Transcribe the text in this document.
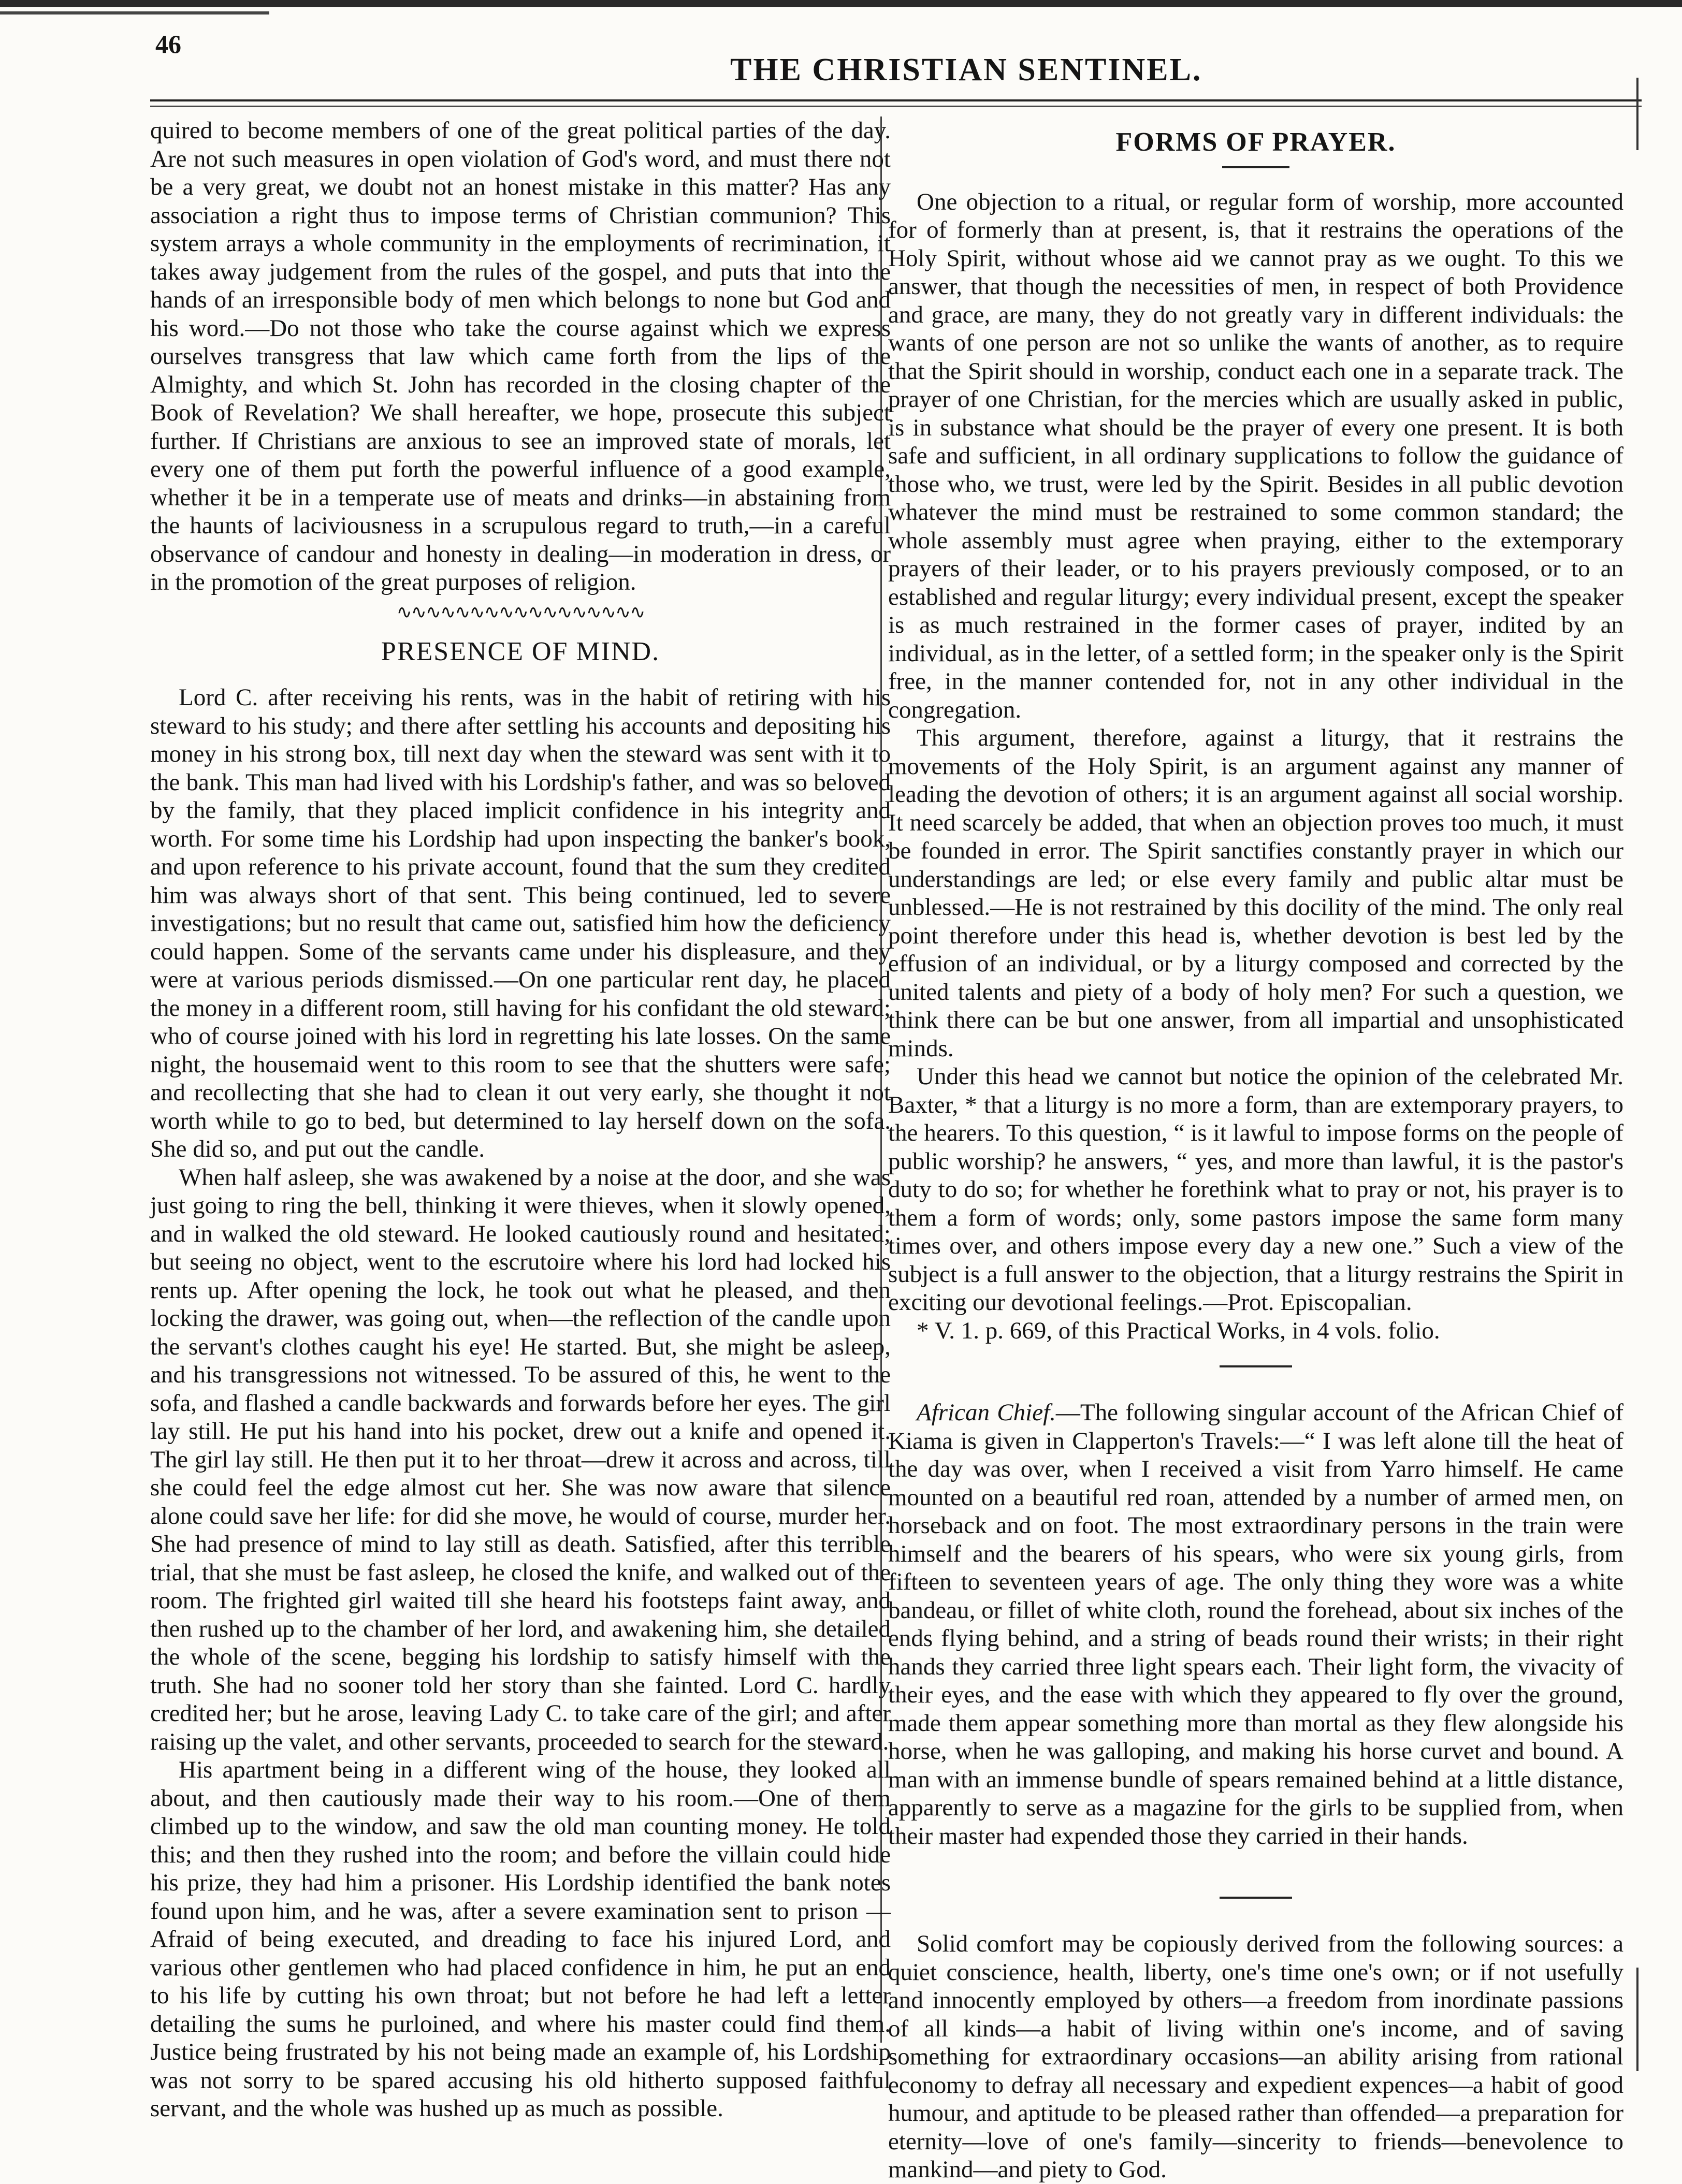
46
THE CHRISTIAN SENTINEL.

quired to become members of one of the great political parties of the day. Are not such measures in open violation of God's word, and must there not be a very great, we doubt not an honest mistake in this matter? Has any association a right thus to impose terms of Christian communion? This system arrays a whole community in the employments of recrimination, it takes away judgement from the rules of the gospel, and puts that into the hands of an irresponsible body of men which belongs to none but God and his word.—Do not those who take the course against which we express ourselves transgress that law which came forth from the lips of the Almighty, and which St. John has recorded in the closing chapter of the Book of Revelation? We shall hereafter, we hope, prosecute this subject further. If Christians are anxious to see an improved state of morals, let every one of them put forth the powerful influence of a good example, whether it be in a temperate use of meats and drinks—in abstaining from the haunts of laciviousness in a scrupulous regard to truth,—in a careful observance of candour and honesty in dealing—in moderation in dress, or in the promotion of the great purposes of religion.

∿∿∿∿∿∿∿∿∿∿∿∿∿∿∿∿∿
PRESENCE OF MIND.

Lord C. after receiving his rents, was in the habit of retiring with his steward to his study; and there after settling his accounts and depositing his money in his strong box, till next day when the steward was sent with it to the bank. This man had lived with his Lordship's father, and was so beloved by the family, that they placed implicit confidence in his integrity and worth. For some time his Lordship had upon inspecting the banker's book, and upon reference to his private account, found that the sum they credited him was always short of that sent. This being continued, led to severe investigations; but no result that came out, satisfied him how the deficiency could happen. Some of the servants came under his displeasure, and they were at various periods dismissed.—On one particular rent day, he placed the money in a different room, still having for his confidant the old steward; who of course joined with his lord in regretting his late losses. On the same night, the housemaid went to this room to see that the shutters were safe; and recollecting that she had to clean it out very early, she thought it not worth while to go to bed, but determined to lay herself down on the sofa. She did so, and put out the candle.

When half asleep, she was awakened by a noise at the door, and she was just going to ring the bell, thinking it were thieves, when it slowly opened, and in walked the old steward. He looked cautiously round and hesitated; but seeing no object, went to the escrutoire where his lord had locked his rents up. After opening the lock, he took out what he pleased, and then locking the drawer, was going out, when—the reflection of the candle upon the servant's clothes caught his eye! He started. But, she might be asleep, and his transgressions not witnessed. To be assured of this, he went to the sofa, and flashed a candle backwards and forwards before her eyes. The girl lay still. He put his hand into his pocket, drew out a knife and opened it. The girl lay still. He then put it to her throat—drew it across and across, till she could feel the edge almost cut her. She was now aware that silence alone could save her life: for did she move, he would of course, murder her. She had presence of mind to lay still as death. Satisfied, after this terrible trial, that she must be fast asleep, he closed the knife, and walked out of the room. The frighted girl waited till she heard his footsteps faint away, and then rushed up to the chamber of her lord, and awakening him, she detailed the whole of the scene, begging his lordship to satisfy himself with the truth. She had no sooner told her story than she fainted. Lord C. hardly credited her; but he arose, leaving Lady C. to take care of the girl; and after raising up the valet, and other servants, proceeded to search for the steward.

His apartment being in a different wing of the house, they looked all about, and then cautiously made their way to his room.—One of them climbed up to the window, and saw the old man counting money. He told this; and then they rushed into the room; and before the villain could hide his prize, they had him a prisoner. His Lordship identified the bank notes found upon him, and he was, after a severe examination sent to prison —Afraid of being executed, and dreading to face his injured Lord, and various other gentlemen who had placed confidence in him, he put an end to his life by cutting his own throat; but not before he had left a letter detailing the sums he purloined, and where his master could find them. Justice being frustrated by his not being made an example of, his Lordship was not sorry to be spared accusing his old hitherto supposed faithful servant, and the whole was hushed up as much as possible.

FORMS OF PRAYER.

One objection to a ritual, or regular form of worship, more accounted for of formerly than at present, is, that it restrains the operations of the Holy Spirit, without whose aid we cannot pray as we ought. To this we answer, that though the necessities of men, in respect of both Providence and grace, are many, they do not greatly vary in different individuals: the wants of one person are not so unlike the wants of another, as to require that the Spirit should in worship, conduct each one in a separate track. The prayer of one Christian, for the mercies which are usually asked in public, is in substance what should be the prayer of every one present. It is both safe and sufficient, in all ordinary supplications to follow the guidance of those who, we trust, were led by the Spirit. Besides in all public devotion whatever the mind must be restrained to some common standard; the whole assembly must agree when praying, either to the extemporary prayers of their leader, or to his prayers previously composed, or to an established and regular liturgy; every individual present, except the speaker is as much restrained in the former cases of prayer, indited by an individual, as in the letter, of a settled form; in the speaker only is the Spirit free, in the manner contended for, not in any other individual in the congregation.

This argument, therefore, against a liturgy, that it restrains the movements of the Holy Spirit, is an argument against any manner of leading the devotion of others; it is an argument against all social worship. It need scarcely be added, that when an objection proves too much, it must be founded in error. The Spirit sanctifies constantly prayer in which our understandings are led; or else every family and public altar must be unblessed.—He is not restrained by this docility of the mind. The only real point therefore under this head is, whether devotion is best led by the effusion of an individual, or by a liturgy composed and corrected by the united talents and piety of a body of holy men? For such a question, we think there can be but one answer, from all impartial and unsophisticated minds.

Under this head we cannot but notice the opinion of the celebrated Mr. Baxter, * that a liturgy is no more a form, than are extemporary prayers, to the hearers. To this question, “ is it lawful to impose forms on the people of public worship? he answers, “ yes, and more than lawful, it is the pastor's duty to do so; for whether he forethink what to pray or not, his prayer is to them a form of words; only, some pastors impose the same form many times over, and others impose every day a new one.” Such a view of the subject is a full answer to the objection, that a liturgy restrains the Spirit in exciting our devotional feelings.—Prot. Episcopalian.

* V. 1. p. 669, of this Practical Works, in 4 vols. folio.

African Chief.—The following singular account of the African Chief of Kiama is given in Clapperton's Travels:—“ I was left alone till the heat of the day was over, when I received a visit from Yarro himself. He came mounted on a beautiful red roan, attended by a number of armed men, on horseback and on foot. The most extraordinary persons in the train were himself and the bearers of his spears, who were six young girls, from fifteen to seventeen years of age. The only thing they wore was a white bandeau, or fillet of white cloth, round the forehead, about six inches of the ends flying behind, and a string of beads round their wrists; in their right hands they carried three light spears each. Their light form, the vivacity of their eyes, and the ease with which they appeared to fly over the ground, made them appear something more than mortal as they flew alongside his horse, when he was galloping, and making his horse curvet and bound. A man with an immense bundle of spears remained behind at a little distance, apparently to serve as a magazine for the girls to be supplied from, when their master had expended those they carried in their hands.

Solid comfort may be copiously derived from the following sources: a quiet conscience, health, liberty, one's time one's own; or if not usefully and innocently employed by others—a freedom from inordinate passions of all kinds—a habit of living within one's income, and of saving something for extraordinary occasions—an ability arising from rational economy to defray all necessary and expedient expences—a habit of good humour, and aptitude to be pleased rather than offended—a preparation for eternity—love of one's family—sincerity to friends—benevolence to mankind—and piety to God.
